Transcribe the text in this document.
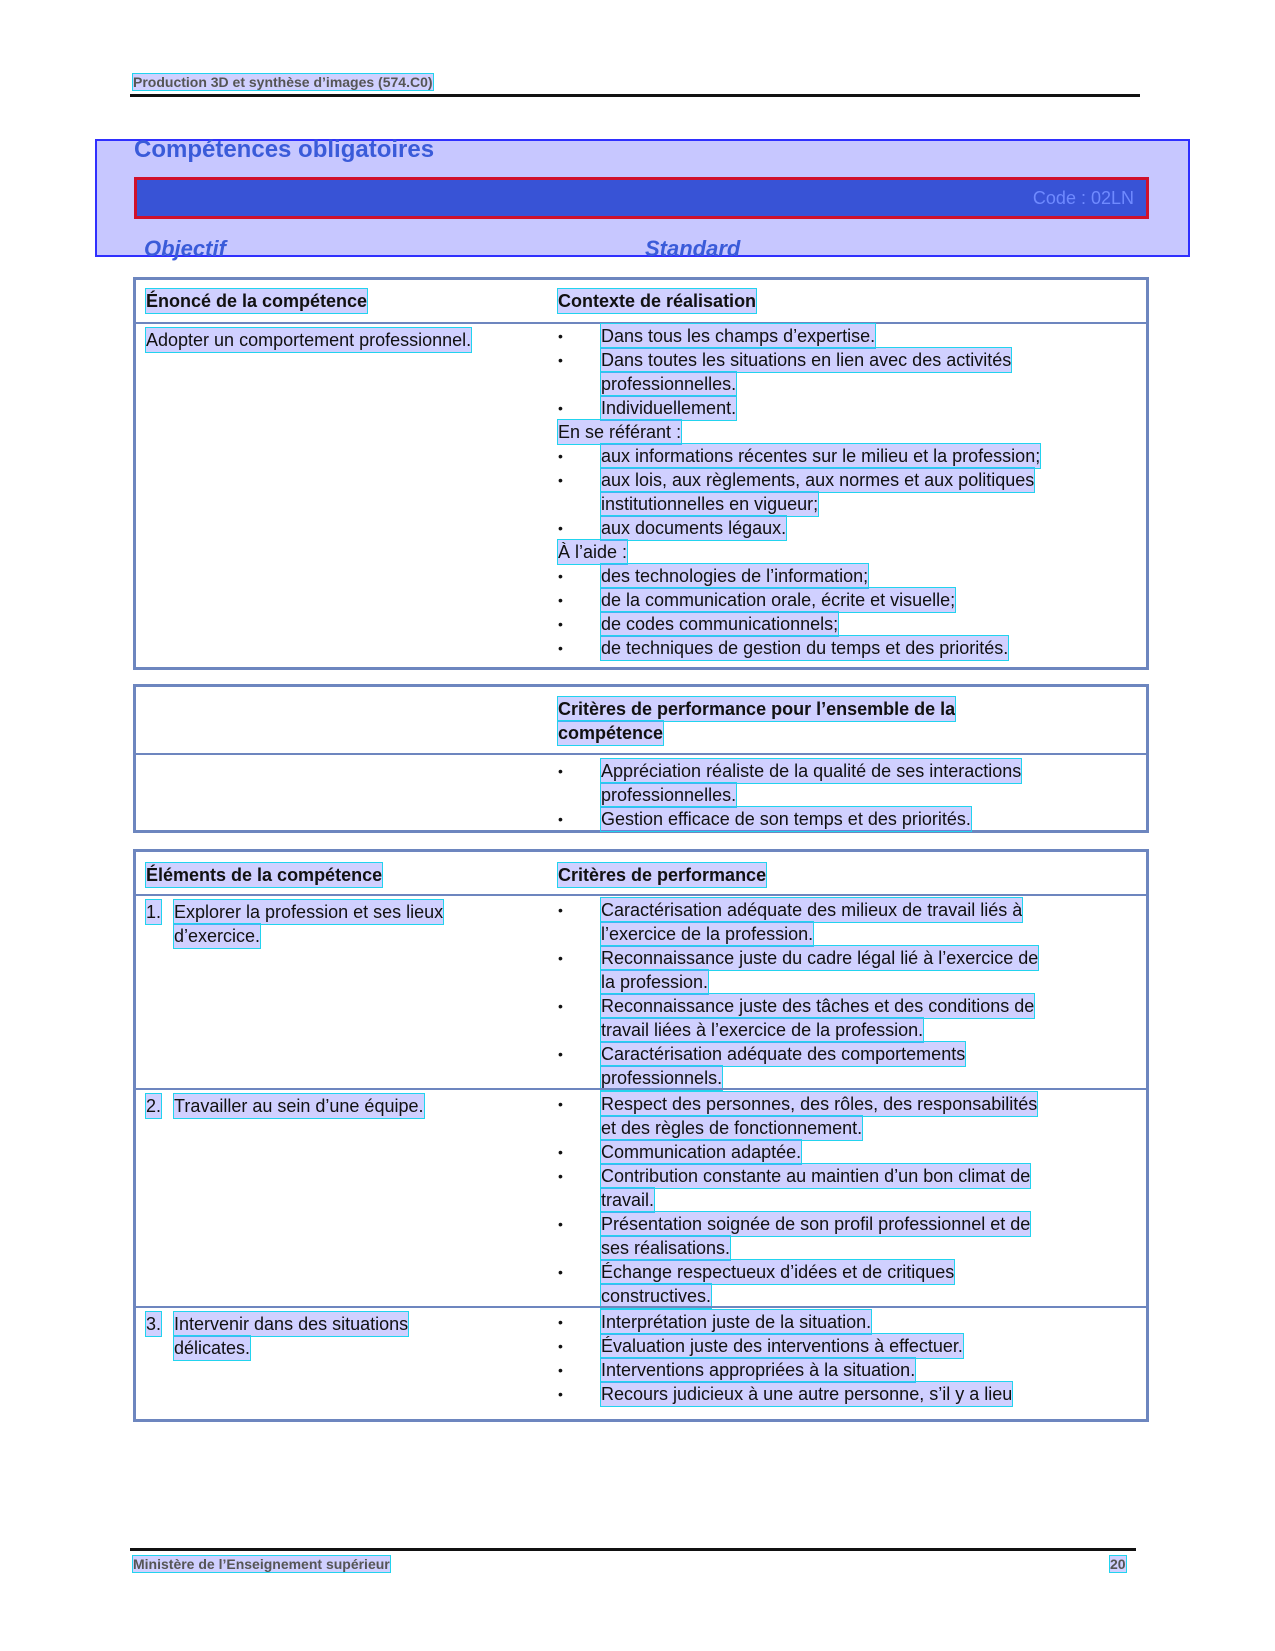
Production 3D et synthèse d’images (574.C0)
Compétences obligatoires
Code : 02LN
Objectif	Standard
Énoncé de la compétence	Contexte de réalisation
Adopter un comportement professionnel.	• Dans tous les champs d’expertise.
• Dans toutes les situations en lien avec des activités
professionnelles.
• Individuellement.
En se référant :
• aux informations récentes sur le milieu et la profession;
• aux lois, aux règlements, aux normes et aux politiques
institutionnelles en vigueur;
• aux documents légaux.
À l’aide :
• des technologies de l’information;
• de la communication orale, écrite et visuelle;
• de codes communicationnels;
• de techniques de gestion du temps et des priorités.
Critères de performance pour l’ensemble de la
compétence
• Appréciation réaliste de la qualité de ses interactions
professionnelles.
• Gestion efficace de son temps et des priorités.
Éléments de la compétence	Critères de performance
1. Explorer la profession et ses lieux
d’exercice.
• Caractérisation adéquate des milieux de travail liés à
l’exercice de la profession.
• Reconnaissance juste du cadre légal lié à l’exercice de
la profession.
• Reconnaissance juste des tâches et des conditions de
travail liées à l’exercice de la profession.
• Caractérisation adéquate des comportements
professionnels.
2. Travailler au sein d’une équipe.	• Respect des personnes, des rôles, des responsabilités
et des règles de fonctionnement.
• Communication adaptée.
• Contribution constante au maintien d’un bon climat de
travail.
• Présentation soignée de son profil professionnel et de
ses réalisations.
• Échange respectueux d’idées et de critiques
constructives.
3. Intervenir dans des situations
délicates.
• Interprétation juste de la situation.
• Évaluation juste des interventions à effectuer.
• Interventions appropriées à la situation.
• Recours judicieux à une autre personne, s’il y a lieu
Ministère de l’Enseignement supérieur	20
